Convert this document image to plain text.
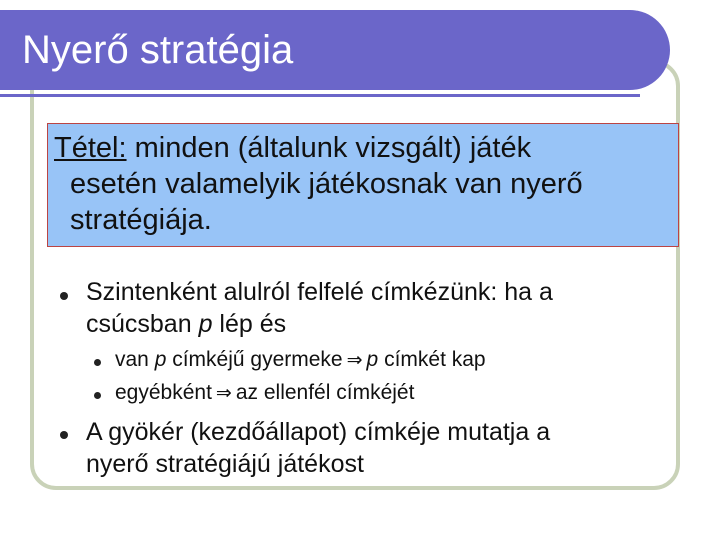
Nyerő stratégia
Tétel: minden (általunk vizsgált) játék
esetén valamelyik játékosnak van nyerő
stratégiája.
Szintenként alulról felfelé címkézünk: ha a
csúcsban p lép és
van p címkéjű gyermeke ⇒ p címkét kap
egyébként ⇒ az ellenfél címkéjét
A gyökér (kezdőállapot) címkéje mutatja a
nyerő stratégiájú játékost
